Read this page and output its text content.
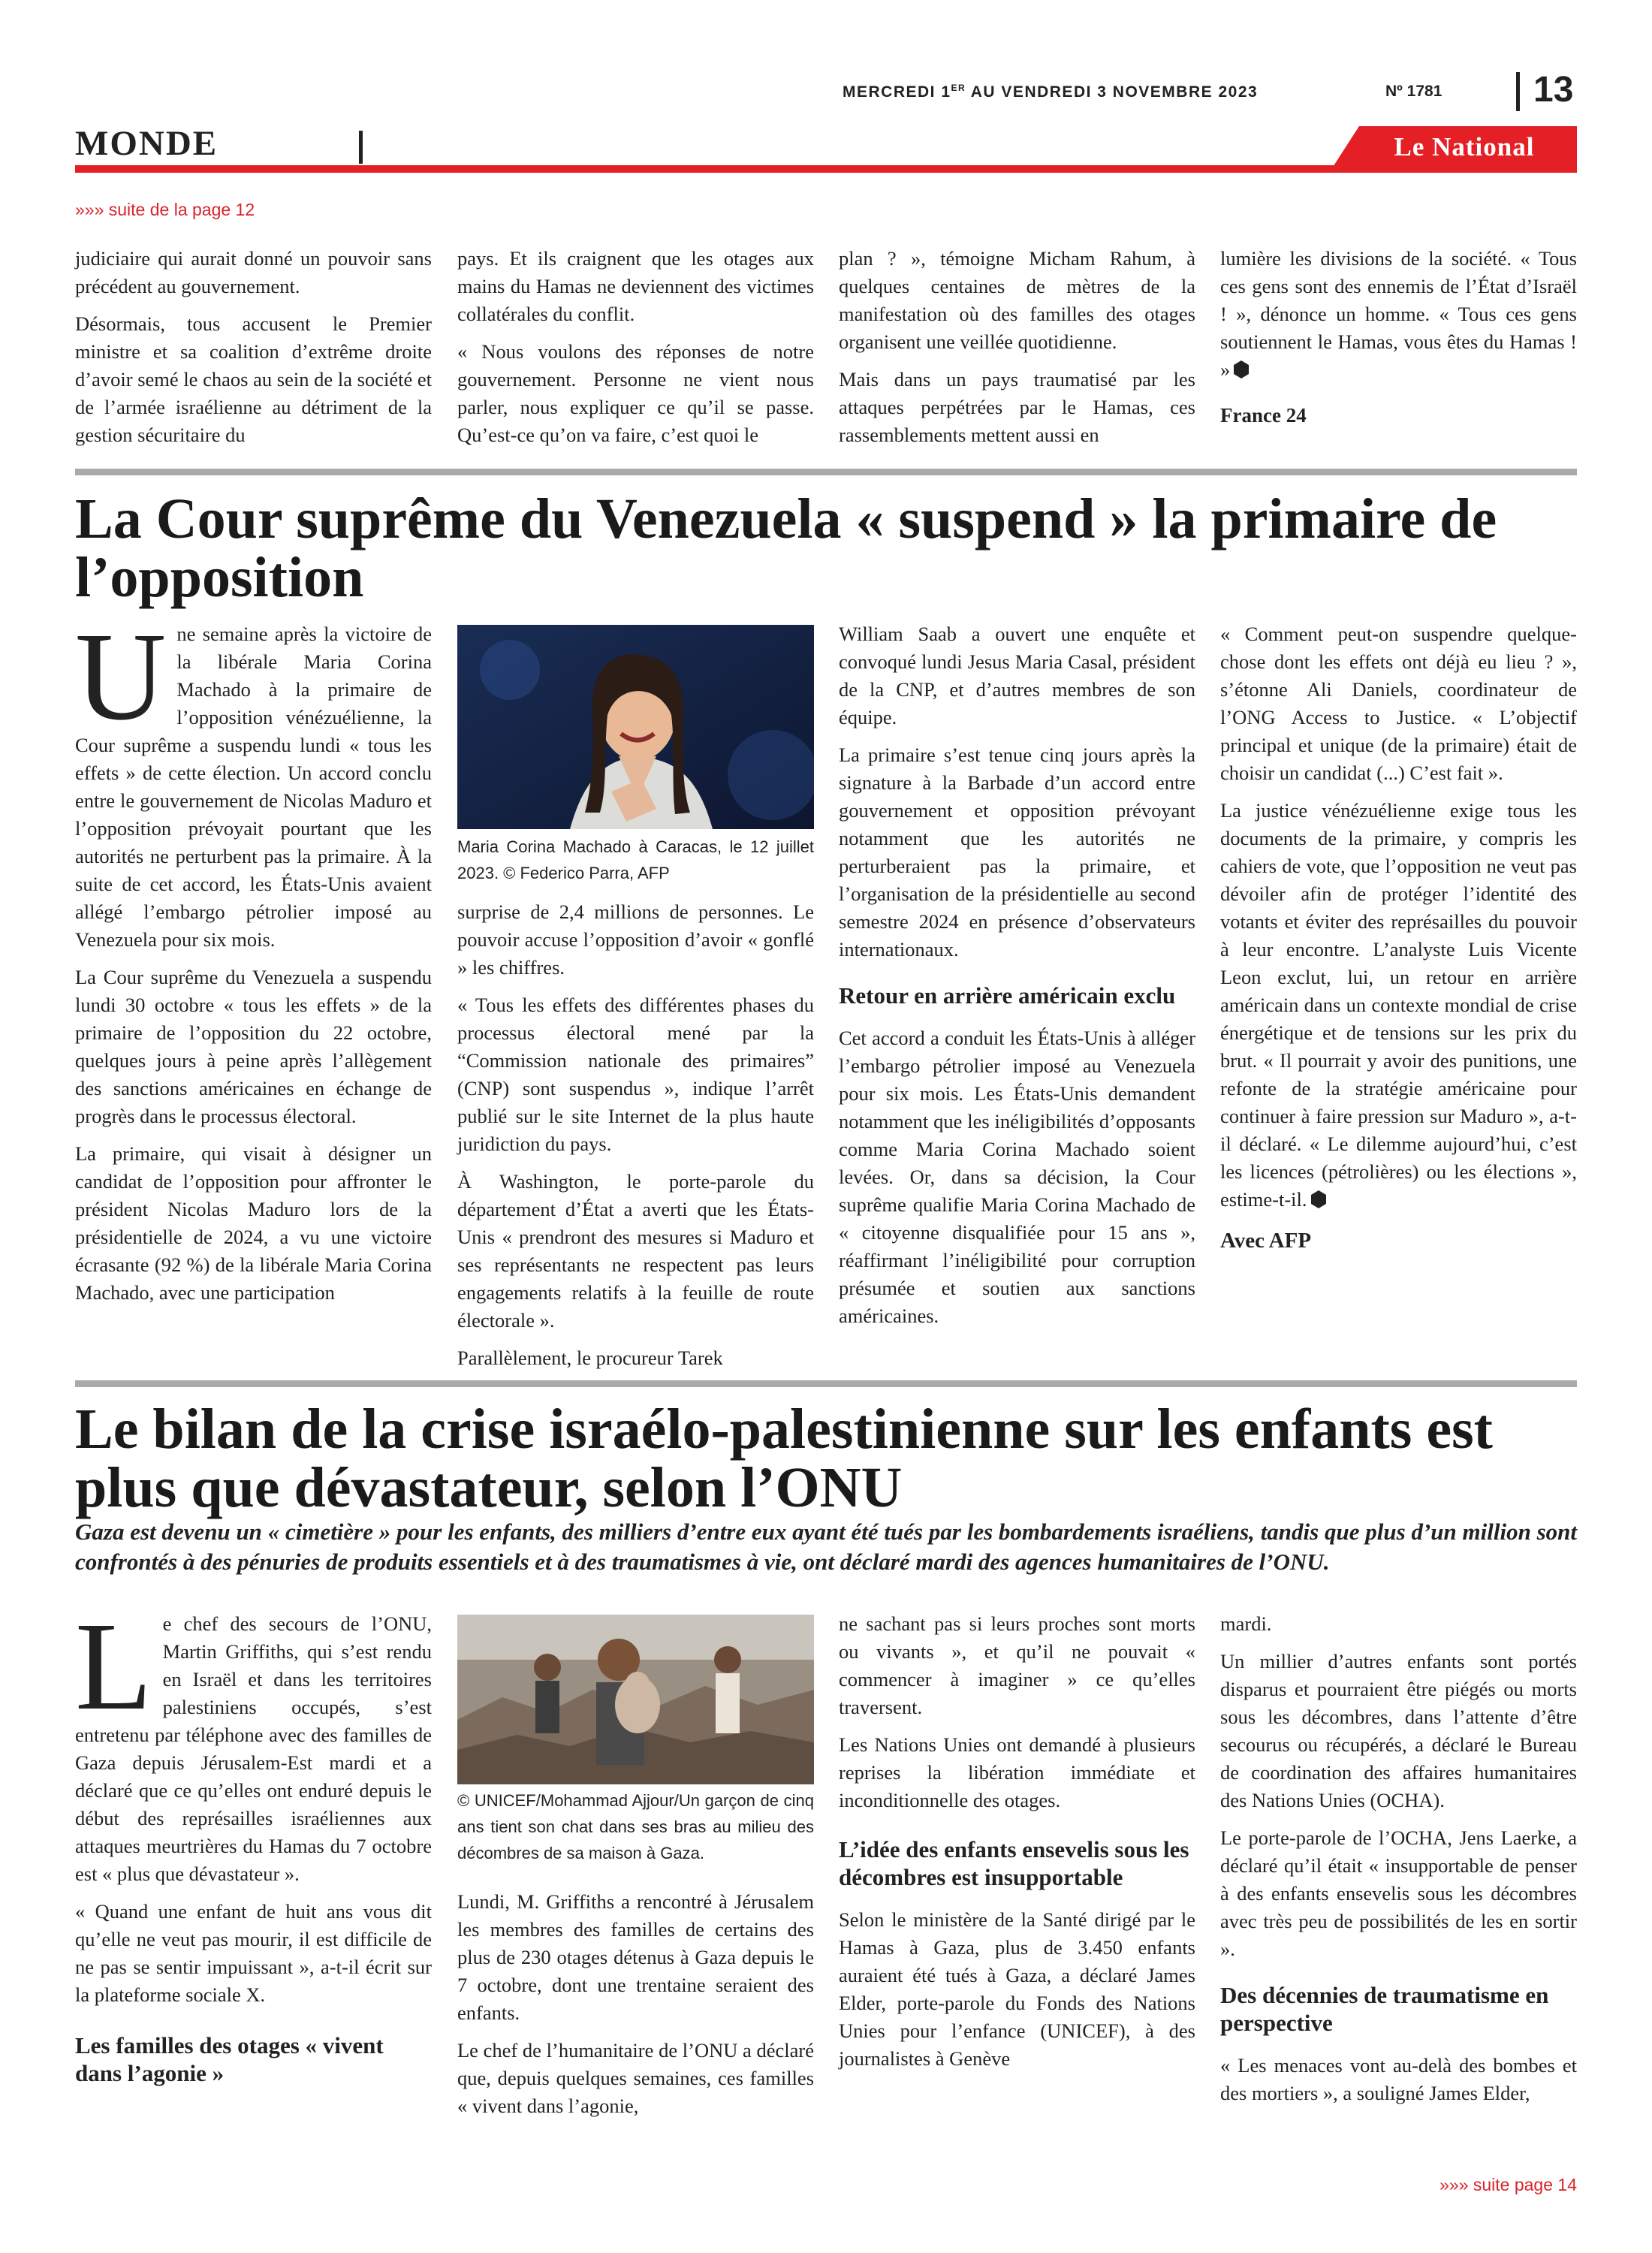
MERCREDI 1ER AU VENDREDI 3 NOVEMBRE 2023	Nº 1781	13
MONDE	Le National
»»» suite de la page 12

judiciaire qui aurait donné un pouvoir sans précédent au gouvernement.

Désormais, tous accusent le Premier ministre et sa coalition d’extrême droite d’avoir semé le chaos au sein de la société et de l’armée israélienne au détriment de la gestion sécuritaire du

pays. Et ils craignent que les otages aux mains du Hamas ne deviennent des victimes collatérales du conflit.

« Nous voulons des réponses de notre gouvernement. Personne ne vient nous parler, nous expliquer ce qu’il se passe. Qu’est-ce qu’on va faire, c’est quoi le

plan ? », témoigne Micham Rahum, à quelques centaines de mètres de la manifestation où des familles des otages organisent une veillée quotidienne.

Mais dans un pays traumatisé par les attaques perpétrées par le Hamas, ces rassemblements mettent aussi en

lumière les divisions de la société. « Tous ces gens sont des ennemis de l’État d’Israël ! », dénonce un homme. « Tous ces gens soutiennent le Hamas, vous êtes du Hamas ! »

France 24
La Cour suprême du Venezuela « suspend » la primaire de l’opposition

Une semaine après la victoire de la libérale Maria Corina Machado à la primaire de l’opposition vénézuélienne, la Cour suprême a suspendu lundi « tous les effets » de cette élection. Un accord conclu entre le gouvernement de Nicolas Maduro et l’opposition prévoyait pourtant que les autorités ne perturbent pas la primaire. À la suite de cet accord, les États-Unis avaient allégé l’embargo pétrolier imposé au Venezuela pour six mois.

La Cour suprême du Venezuela a suspendu lundi 30 octobre « tous les effets » de la primaire de l’opposition du 22 octobre, quelques jours à peine après l’allègement des sanctions américaines en échange de progrès dans le processus électoral.

La primaire, qui visait à désigner un candidat de l’opposition pour affronter le président Nicolas Maduro lors de la présidentielle de 2024, a vu une victoire écrasante (92 %) de la libérale Maria Corina Machado, avec une participation

Maria Corina Machado à Caracas, le 12 juillet 2023. © Federico Parra, AFP

surprise de 2,4 millions de personnes. Le pouvoir accuse l’opposition d’avoir « gonflé » les chiffres.

« Tous les effets des différentes phases du processus électoral mené par la “Commission nationale des primaires” (CNP) sont suspendus », indique l’arrêt publié sur le site Internet de la plus haute juridiction du pays.

À Washington, le porte-parole du département d’État a averti que les États-Unis « prendront des mesures si Maduro et ses représentants ne respectent pas leurs engagements relatifs à la feuille de route électorale ».

Parallèlement, le procureur Tarek

William Saab a ouvert une enquête et convoqué lundi Jesus Maria Casal, président de la CNP, et d’autres membres de son équipe.

La primaire s’est tenue cinq jours après la signature à la Barbade d’un accord entre gouvernement et opposition prévoyant notamment que les autorités ne perturberaient pas la primaire, et l’organisation de la présidentielle au second semestre 2024 en présence d’observateurs internationaux.

Retour en arrière américain exclu

Cet accord a conduit les États-Unis à alléger l’embargo pétrolier imposé au Venezuela pour six mois. Les États-Unis demandent notamment que les inéligibilités d’opposants comme Maria Corina Machado soient levées. Or, dans sa décision, la Cour suprême qualifie Maria Corina Machado de « citoyenne disqualifiée pour 15 ans », réaffirmant l’inéligibilité pour corruption présumée et soutien aux sanctions américaines.

« Comment peut-on suspendre quelque-chose dont les effets ont déjà eu lieu ? », s’étonne Ali Daniels, coordinateur de l’ONG Access to Justice. « L’objectif principal et unique (de la primaire) était de choisir un candidat (...) C’est fait ».

La justice vénézuélienne exige tous les documents de la primaire, y compris les cahiers de vote, que l’opposition ne veut pas dévoiler afin de protéger l’identité des votants et éviter des représailles du pouvoir à leur encontre. L’analyste Luis Vicente Leon exclut, lui, un retour en arrière américain dans un contexte mondial de crise énergétique et de tensions sur les prix du brut. « Il pourrait y avoir des punitions, une refonte de la stratégie américaine pour continuer à faire pression sur Maduro », a-t-il déclaré. « Le dilemme aujourd’hui, c’est les licences (pétrolières) ou les élections », estime-t-il.

Avec AFP
Le bilan de la crise israélo-palestinienne sur les enfants est plus que dévastateur, selon l’ONU
Gaza est devenu un « cimetière » pour les enfants, des milliers d’entre eux ayant été tués par les bombardements israéliens, tandis que plus d’un million sont confrontés à des pénuries de produits essentiels et à des traumatismes à vie, ont déclaré mardi des agences humanitaires de l’ONU.

Le chef des secours de l’ONU, Martin Griffiths, qui s’est rendu en Israël et dans les territoires palestiniens occupés, s’est entretenu par téléphone avec des familles de Gaza depuis Jérusalem-Est mardi et a déclaré que ce qu’elles ont enduré depuis le début des représailles israéliennes aux attaques meurtrières du Hamas du 7 octobre est « plus que dévastateur ».

« Quand une enfant de huit ans vous dit qu’elle ne veut pas mourir, il est difficile de ne pas se sentir impuissant », a-t-il écrit sur la plateforme sociale X.

Les familles des otages « vivent dans l’agonie »
© UNICEF/Mohammad Ajjour/Un garçon de cinq ans tient son chat dans ses bras au milieu des décombres de sa maison à Gaza.

Lundi, M. Griffiths a rencontré à Jérusalem les membres des familles de certains des plus de 230 otages détenus à Gaza depuis le 7 octobre, dont une trentaine seraient des enfants.

Le chef de l’humanitaire de l’ONU a déclaré que, depuis quelques semaines, ces familles « vivent dans l’agonie,

ne sachant pas si leurs proches sont morts ou vivants », et qu’il ne pouvait « commencer à imaginer » ce qu’elles traversent.

Les Nations Unies ont demandé à plusieurs reprises la libération immédiate et inconditionnelle des otages.

L’idée des enfants ensevelis sous les décombres est insupportable

Selon le ministère de la Santé dirigé par le Hamas à Gaza, plus de 3.450 enfants auraient été tués à Gaza, a déclaré James Elder, porte-parole du Fonds des Nations Unies pour l’enfance (UNICEF), à des journalistes à Genève

mardi.

Un millier d’autres enfants sont portés disparus et pourraient être piégés ou morts sous les décombres, dans l’attente d’être secourus ou récupérés, a déclaré le Bureau de coordination des affaires humanitaires des Nations Unies (OCHA).

Le porte-parole de l’OCHA, Jens Laerke, a déclaré qu’il était « insupportable de penser à des enfants ensevelis sous les décombres avec très peu de possibilités de les en sortir ».

Des décennies de traumatisme en perspective

« Les menaces vont au-delà des bombes et des mortiers », a souligné James Elder,

»»» suite page 14
